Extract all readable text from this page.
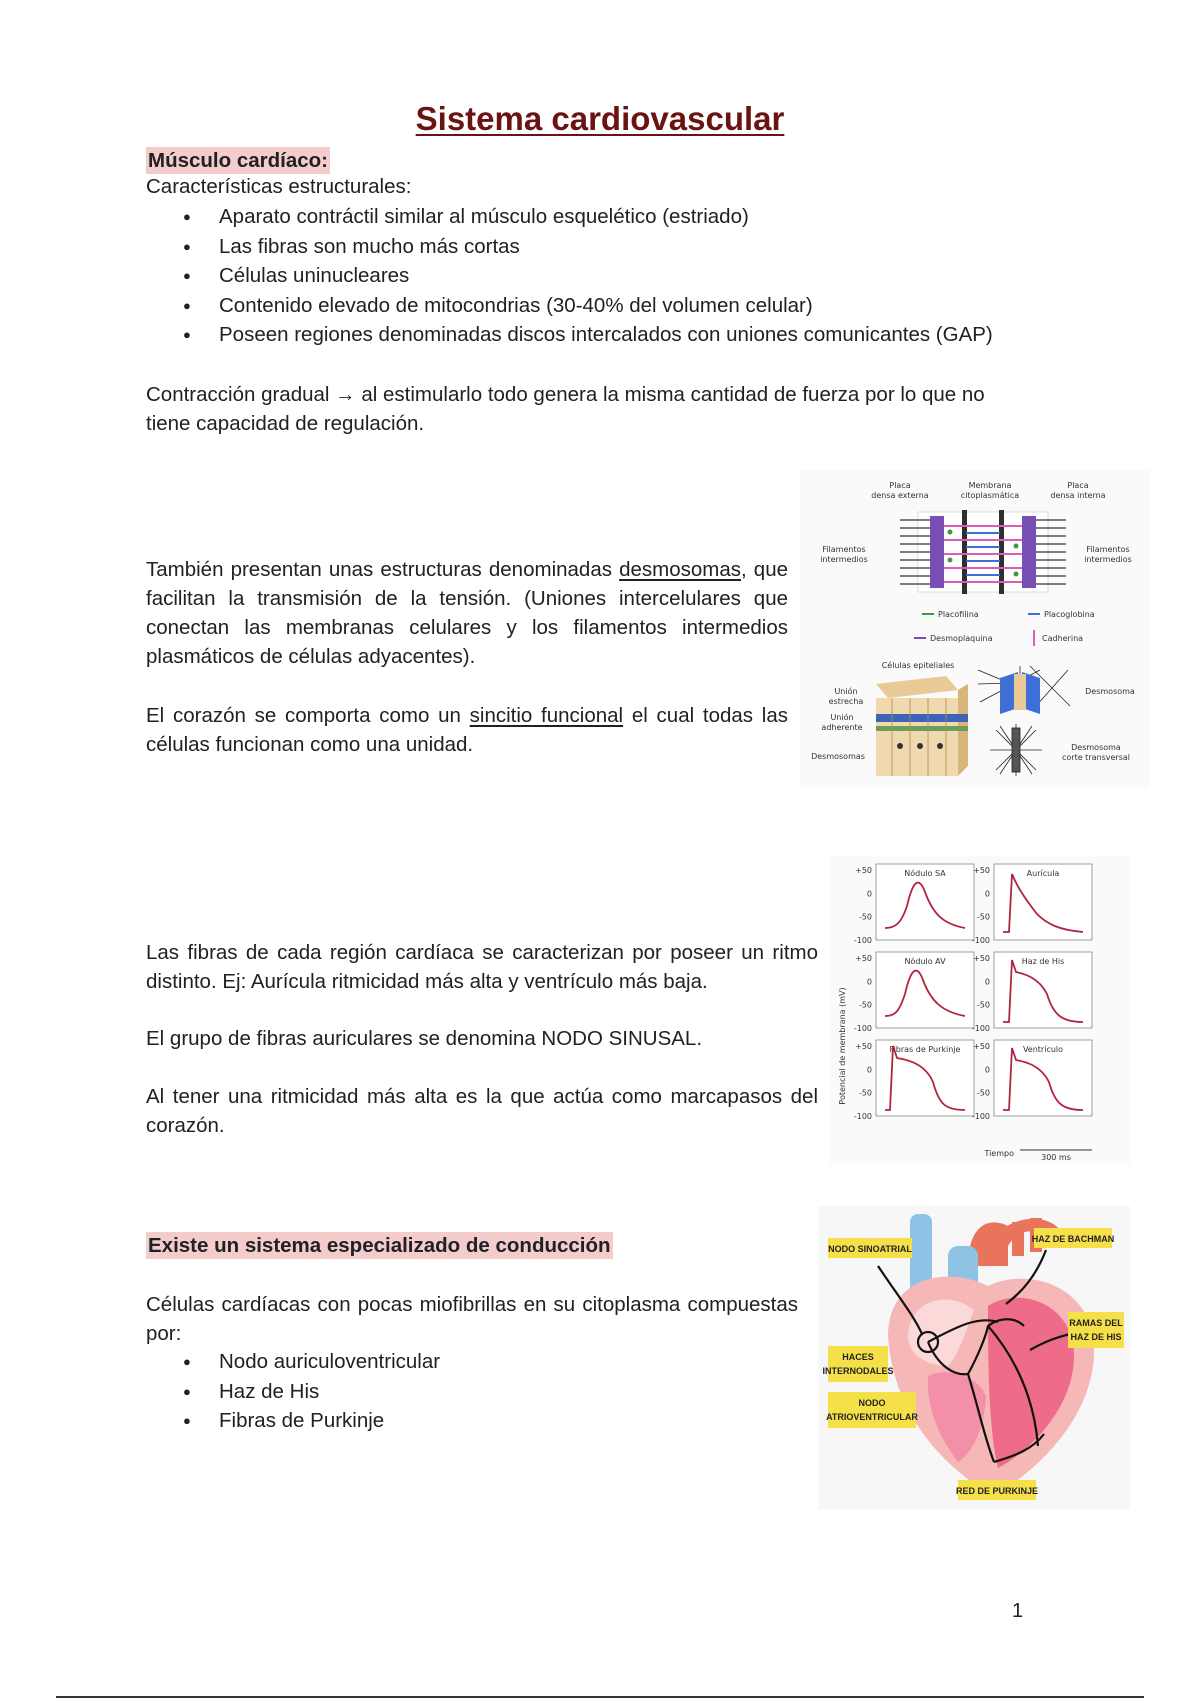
Sistema cardiovascular
Músculo cardíaco:
Características estructurales:
● Aparato contráctil similar al músculo esquelético (estriado)
● Las fibras son mucho más cortas
● Células uninucleares
● Contenido elevado de mitocondrias (30-40% del volumen celular)
● Poseen regiones denominadas discos intercalados con uniones comunicantes (GAP)
Contracción gradual → al estimularlo todo genera la misma cantidad de fuerza por lo que no
tiene capacidad de regulación.
También presentan unas estructuras denominadas desmosomas, que facilitan la transmisión de la tensión. (Uniones intercelulares que conectan las membranas celulares y los filamentos intermedios plasmáticos de células adyacentes).
El corazón se comporta como un sincitio funcional el cual todas las células funcionan como una unidad.
Placa
densa externa
Membrana
citoplasmática
Placa
densa interna
Filamentos
intermedios
Filamentos
intermedios
Placofilina	Placoglobina
Desmoplaquina	Cadherina
Células epiteliales
Unión
estrecha
Unión
adherente
Desmosomas
Desmosoma
Desmosoma
corte transversal
Las fibras de cada región cardíaca se caracterizan por poseer un ritmo distinto. Ej: Aurícula ritmicidad más alta y ventrículo más baja.
El grupo de fibras auriculares se denomina NODO SINUSAL.
Al tener una ritmicidad más alta es la que actúa como marcapasos del corazón.
Potencial de membrana (mV)
Nódulo SA
+50
0
-50
-100
Aurícula
+50
0
-50
-100
Nódulo AV
+50
0
-50
-100
Haz de His
+50
0
-50
-100
Fibras de Purkinje
+50
0
-50
-100
Ventrículo
+50
0
-50
-100
Tiempo	300 ms
Existe un sistema especializado de conducción
Células cardíacas con pocas miofibrillas en su citoplasma compuestas por:
● Nodo auriculoventricular
● Haz de His
● Fibras de Purkinje
NODO SINOATRIAL
HAZ DE BACHMAN
RAMAS DEL
HAZ DE HIS
HACES
INTERNODALES
NODO
ATRIOVENTRICULAR
RED DE PURKINJE
1
